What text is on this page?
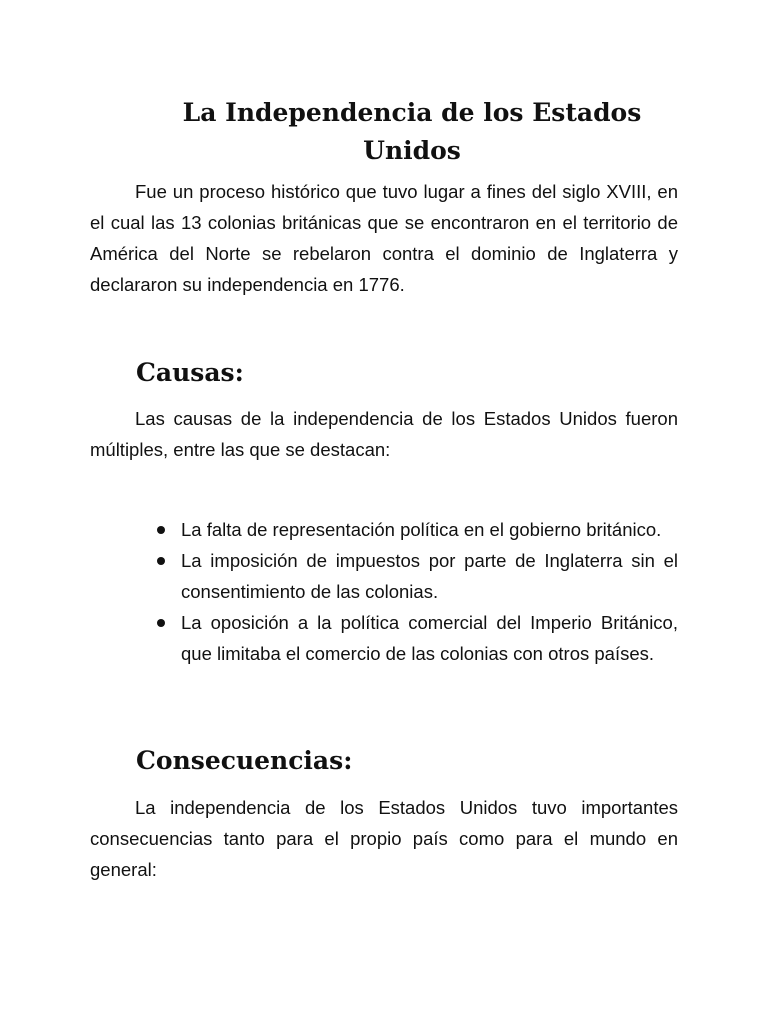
La Independencia de los Estados
Unidos

Fue un proceso histórico que tuvo lugar a fines del siglo XVIII, en el cual las 13 colonias británicas que se encontraron en el territorio de América del Norte se rebelaron contra el dominio de Inglaterra y declararon su independencia en 1776.

Causas:

Las causas de la independencia de los Estados Unidos fueron múltiples, entre las que se destacan:

La falta de representación política en el gobierno británico.
La imposición de impuestos por parte de Inglaterra sin el consentimiento de las colonias.
La oposición a la política comercial del Imperio Británico, que limitaba el comercio de las colonias con otros países.
Consecuencias:

La independencia de los Estados Unidos tuvo importantes consecuencias tanto para el propio país como para el mundo en general:
